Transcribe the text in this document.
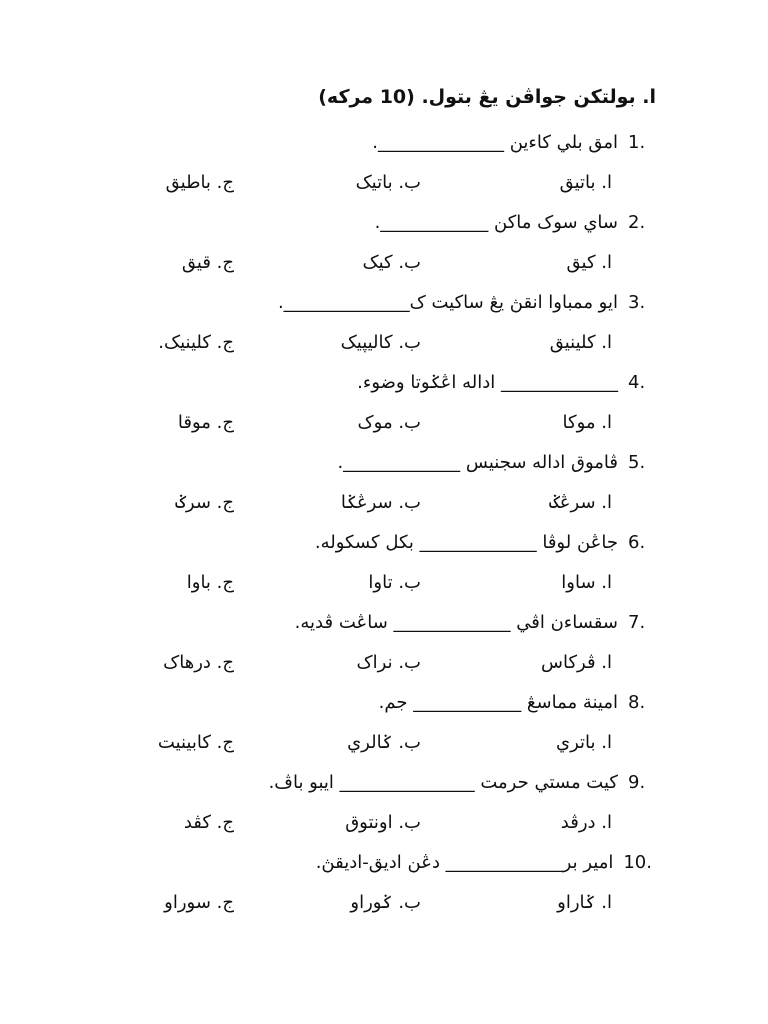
ا. بولتكن جواڤن يڠ بتول. (10 مركه)
1.امق بلي كاءين ______________.
ا. باتيق
ب. باتيک
ج. باطيق
2.ساي سوک ماكن ____________.
ا. كيق
ب. كيک
ج. قيق
3.ايو ممباوا انقڽ يڠ ساكيت ک______________.
ا. كلينيق
ب. كاليڽيک
ج. كلينيک.
4._____________ اداله اڠݢوتا وضوء.
ا. موكا
ب. موک
ج. موقا
5.ڤاموق اداله سجنيس _____________.
ا. سرڠݢ
ب. سرڠݢا
ج. سرݢ
6.جاڠن لوڤا _____________ بكل كسكوله.
ا. ساوا
ب. تاوا
ج. باوا
7.سقساءن اڤي _____________ ساڠت ڤديه.
ا. ڤركاس
ب. نراک
ج. درهاک
8.امينة مماسڠ ____________ جم.
ا. باتري
ب. ݢالري
ج. كابينيت
9.كيت مستي حرمت _______________ ايبو باڤ.
ا. درڤد
ب. اونتوق
ج. كڤد
10.امير بر_____________ دڠن اديق-اديقڽ.
ا. ݢاراو
ب. ݢوراو
ج. سوراو
